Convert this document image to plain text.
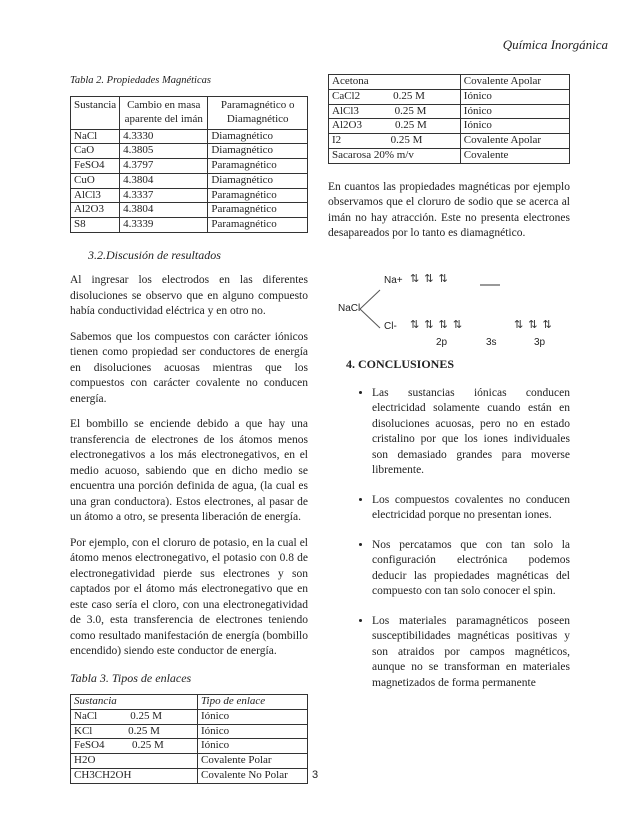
Química Inorgánica
Tabla 2. Propiedades Magnéticas
Sustancia	Cambio en masa aparente del imán	Paramagnético o Diamagnético
NaCl	4.3330	Diamagnético
CaO	4.3805	Diamagnético
FeSO4	4.3797	Paramagnético
CuO	4.3804	Diamagnético
AlCl3	4.3337	Paramagnético
Al2O3	4.3804	Paramagnético
S8	4.3339	Paramagnético
3.2.Discusión de resultados

Al ingresar los electrodos en las diferentes disoluciones se observo que en alguno compuesto había conductividad eléctrica y en otro no.

Sabemos que los compuestos con carácter iónicos tienen como propiedad ser conductores de energía en disoluciones acuosas mientras que los compuestos con carácter covalente no conducen energía.

El bombillo se enciende debido a que hay una transferencia de electrones de los átomos menos electronegativos a los más electronegativos, en el medio acuoso, sabiendo que en dicho medio se encuentra una porción definida de agua, (la cual es una gran conductora). Estos electrones, al pasar de un átomo a otro, se presenta liberación de energía.

Por ejemplo, con el cloruro de potasio, en la cual el átomo menos electronegativo, el potasio con 0.8 de electronegatividad pierde sus electrones y son captados por el átomo más electronegativo que en este caso sería el cloro, con una electronegatividad de 3.0, esta transferencia de electrones teniendo como resultado manifestación de energía (bombillo encendido) siendo este conductor de energía.

Tabla 3. Tipos de enlaces
Sustancia	Tipo de enlace
NaCl            0.25 M	Iónico
KCl             0.25 M	Iónico
FeSO4          0.25 M	Iónico
H2O	Covalente Polar
CH3CH2OH	Covalente No Polar
Acetona	Covalente Apolar
CaCl2            0.25 M	Iónico
AlCl3             0.25 M	Iónico
Al2O3            0.25 M	Iónico
I2                  0.25 M	Covalente Apolar
Sacarosa 20% m/v	Covalente

En cuantos las propiedades magnéticas por ejemplo observamos que el cloruro de sodio que se acerca al imán no hay atracción. Este no presenta electrones desapareados por lo tanto es diamagnético.

NaCl
Na+ ⇅ ⇅ ⇅
Cl- ⇅ ⇅ ⇅ ⇅	⇅ ⇅ ⇅
2p	3s	3p
4. CONCLUSIONES
• Las sustancias iónicas conducen electricidad solamente cuando están en disoluciones acuosas, pero no en estado cristalino por que los iones individuales son demasiado grandes para moverse libremente.
• Los compuestos covalentes no conducen electricidad porque no presentan iones.
• Nos percatamos que con tan solo la configuración electrónica podemos deducir las propiedades magnéticas del compuesto con tan solo conocer el spin.
• Los materiales paramagnéticos poseen susceptibilidades magnéticas positivas y son atraidos por campos magnéticos, aunque no se transforman en materiales magnetizados de forma permanente
3
